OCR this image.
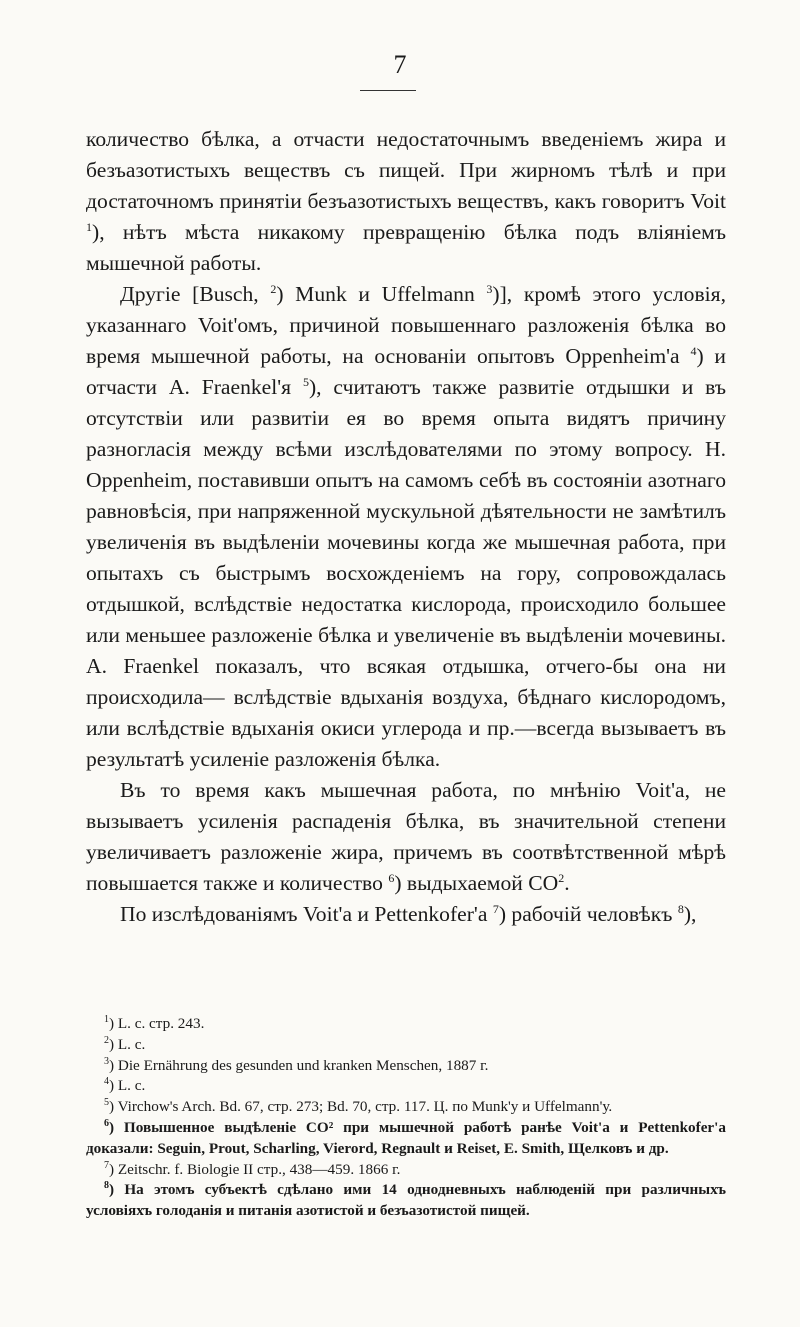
7

количество бѣлка, а отчасти недостаточнымъ введеніемъ жира и безъазотистыхъ веществъ съ пищей. При жирномъ тѣлѣ и при достаточномъ принятіи безъазотистыхъ веществъ, какъ говоритъ Voit $^1$), нѣтъ мѣста никакому превращенію бѣлка подъ вліяніемъ мышечной работы.

Другіе [Busch, $^2$) Munk и Uffelmann $^3$)], кромѣ этого условія, указаннаго Voit'омъ, причиной повышеннаго разложенія бѣлка во время мышечной работы, на основаніи опытовъ Oppenheim'а $^4$) и отчасти A. Fraenkel'я $^5$), считаютъ также развитіе отдышки и въ отсутствіи или развитіи ея во время опыта видятъ причину разногласія между всѣми изслѣдователями по этому вопросу. H. Oppenheim, поставивши опытъ на самомъ себѣ въ состояніи азотнаго равновѣсія, при напряженной мускульной дѣятельности не замѣтилъ увеличенія въ выдѣленіи мочевины когда же мышечная работа, при опытахъ съ быстрымъ восхожденіемъ на гору, сопровождалась отдышкой, вслѣдствіе недостатка кислорода, происходило большее или меньшее разложеніе бѣлка и увеличеніе въ выдѣленіи мочевины. A. Fraenkel показалъ, что всякая отдышка, отчего-бы она ни происходила— вслѣдствіе вдыханія воздуха, бѣднаго кислородомъ, или вслѣдствіе вдыханія окиси углерода и пр.—всегда вызываетъ въ результатѣ усиленіе разложенія бѣлка.

Въ то время какъ мышечная работа, по мнѣнію Voit'а, не вызываетъ усиленія распаденія бѣлка, въ значительной степени увеличиваетъ разложеніе жира, причемъ въ соотвѣтственной мѣрѣ повышается также и количество $^6$) выдыхаемой $CO^2$.

По изслѣдованіямъ Voit'а и Pettenkofer'а $^7$) рабочій человѣкъ $^8$),

$^1$) L. c. стр. 243.

$^2$) L. c.

$^3$) Die Ernährung des gesunden und kranken Menschen, 1887 г.

$^4$) L. c.

$^5$) Virchow's Arch. Bd. 67, стр. 273; Bd. 70, стр. 117. Ц. по Munk'у и Uffelmann'у.

$^6$) Повышенное выдѣленіе CO² при мышечной работѣ ранѣе Voit'а и Pettenkofer'а доказали: Seguin, Prout, Scharling, Vierord, Regnault и Reiset, E. Smith, Щелковъ и др.

$^7$) Zeitschr. f. Biologie II стр., 438—459. 1866 г.

$^8$) На этомъ субъектѣ сдѣлано ими 14 однодневныхъ наблюденій при различныхъ условіяхъ голоданія и питанія азотистой и безъазотистой пищей.
